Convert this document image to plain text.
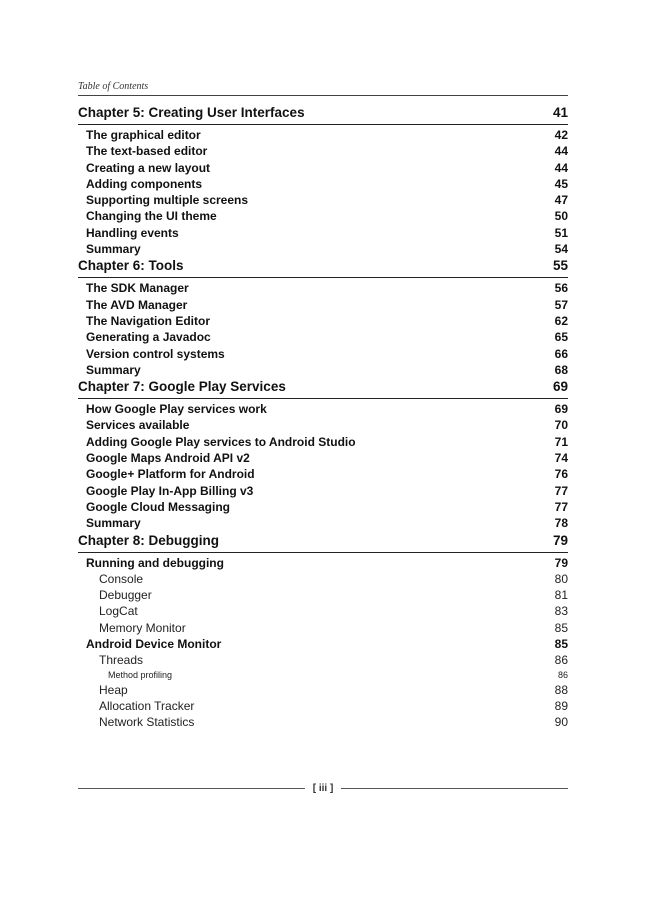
Table of Contents
Chapter 5: Creating User Interfaces	41
The graphical editor	42
The text-based editor	44
Creating a new layout	44
Adding components	45
Supporting multiple screens	47
Changing the UI theme	50
Handling events	51
Summary	54
Chapter 6: Tools	55
The SDK Manager	56
The AVD Manager	57
The Navigation Editor	62
Generating a Javadoc	65
Version control systems	66
Summary	68
Chapter 7: Google Play Services	69
How Google Play services work	69
Services available	70
Adding Google Play services to Android Studio	71
Google Maps Android API v2	74
Google+ Platform for Android	76
Google Play In-App Billing v3	77
Google Cloud Messaging	77
Summary	78
Chapter 8: Debugging	79
Running and debugging	79
Console	80
Debugger	81
LogCat	83
Memory Monitor	85
Android Device Monitor	85
Threads	86
Method profiling	86
Heap	88
Allocation Tracker	89
Network Statistics	90
[ iii ]
